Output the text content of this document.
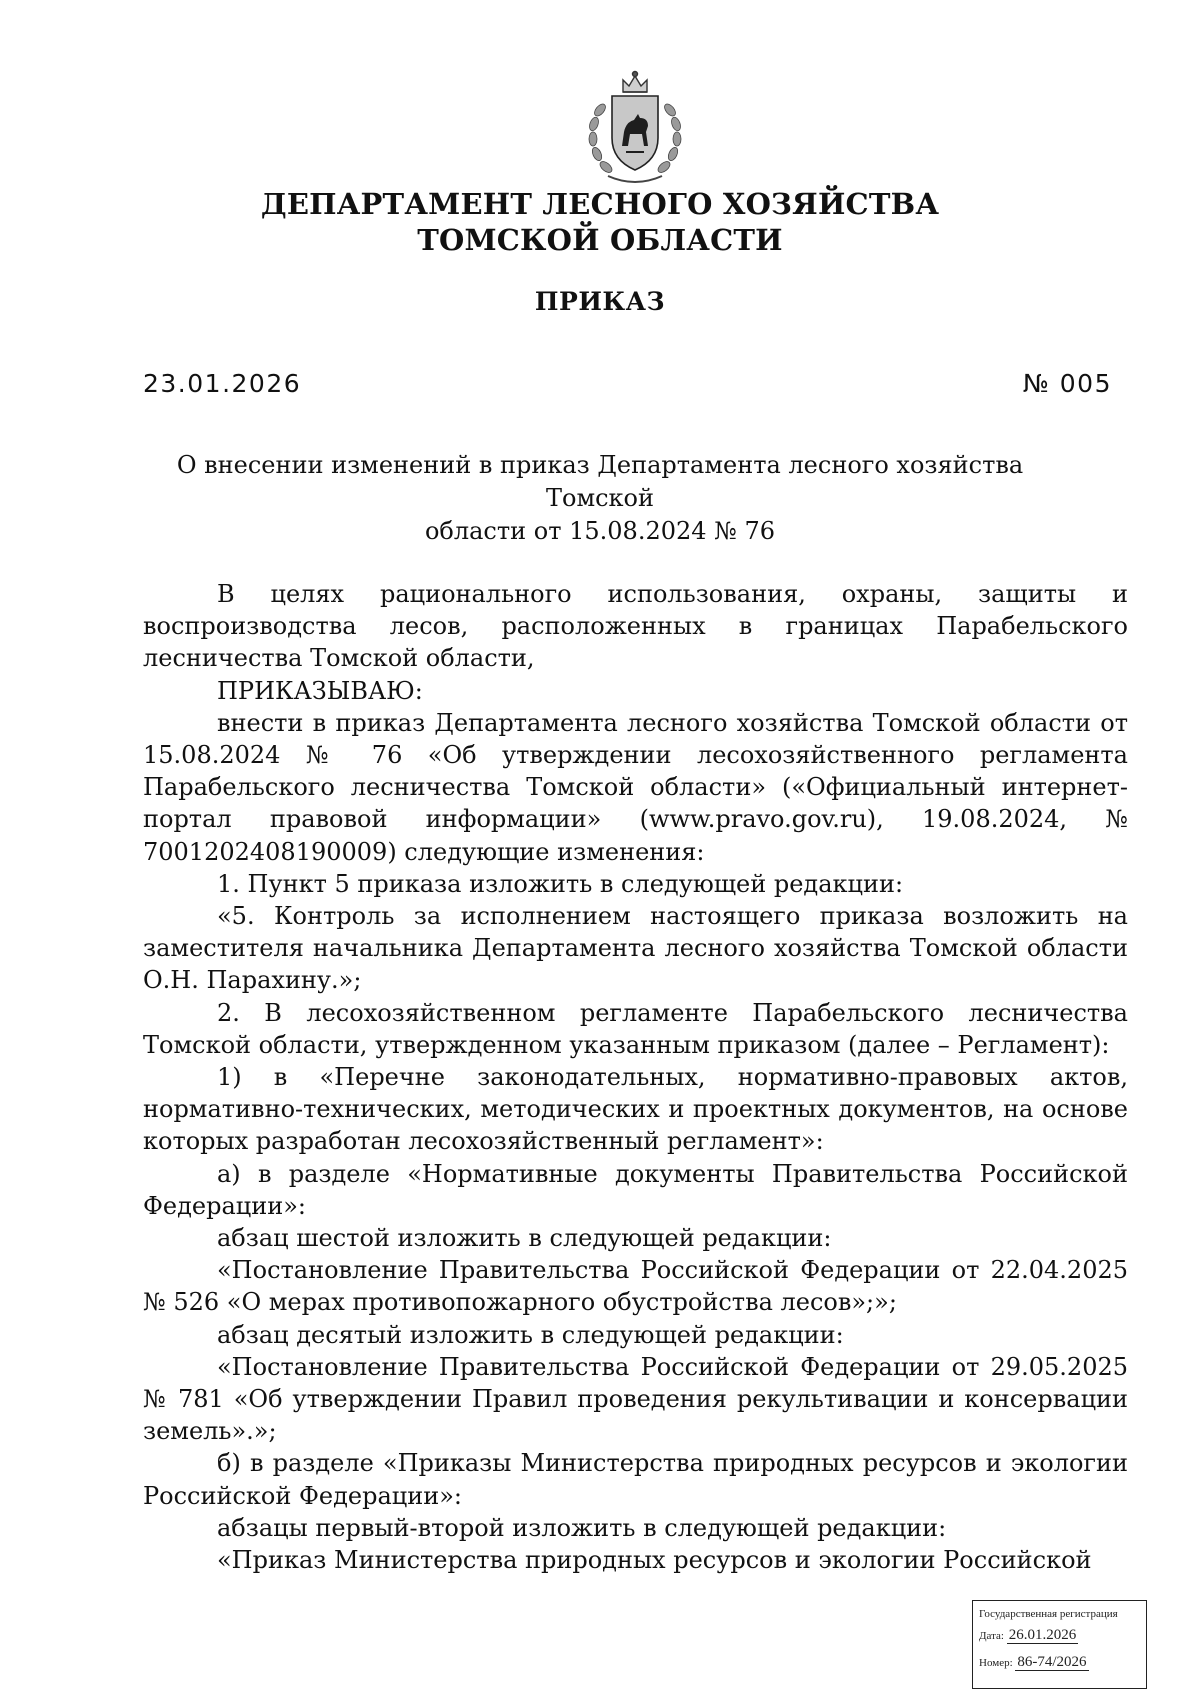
ДЕПАРТАМЕНТ ЛЕСНОГО ХОЗЯЙСТВА
ТОМСКОЙ ОБЛАСТИ
ПРИКАЗ
23.01.2026	№ 005
О внесении изменений в приказ Департамента лесного хозяйства Томской
области от 15.08.2024 № 76

В целях рационального использования, охраны, защиты и воспроизводства лесов, расположенных в границах Парабельского лесничества Томской области,

ПРИКАЗЫВАЮ:

внести в приказ Департамента лесного хозяйства Томской области от 15.08.2024 № 76 «Об утверждении лесохозяйственного регламента Парабельского лесничества Томской области» («Официальный интернет-портал правовой информации» (www.pravo.gov.ru), 19.08.2024, № 7001202408190009) следующие изменения:

1. Пункт 5 приказа изложить в следующей редакции:

«5. Контроль за исполнением настоящего приказа возложить на заместителя начальника Департамента лесного хозяйства Томской области О.Н. Парахину.»;

2. В лесохозяйственном регламенте Парабельского лесничества Томской области, утвержденном указанным приказом (далее – Регламент):

1) в «Перечне законодательных, нормативно-правовых актов, нормативно-технических, методических и проектных документов, на основе которых разработан лесохозяйственный регламент»:

а) в разделе «Нормативные документы Правительства Российской Федерации»:

абзац шестой изложить в следующей редакции:

«Постановление Правительства Российской Федерации от 22.04.2025 № 526 «О мерах противопожарного обустройства лесов»;»;

абзац десятый изложить в следующей редакции:

«Постановление Правительства Российской Федерации от 29.05.2025 № 781 «Об утверждении Правил проведения рекультивации и консервации земель».»;

б) в разделе «Приказы Министерства природных ресурсов и экологии Российской Федерации»:

абзацы первый-второй изложить в следующей редакции:

«Приказ Министерства природных ресурсов и экологии Российской

Государственная регистрация
Дата: 26.01.2026
Номер: 86-74/2026
